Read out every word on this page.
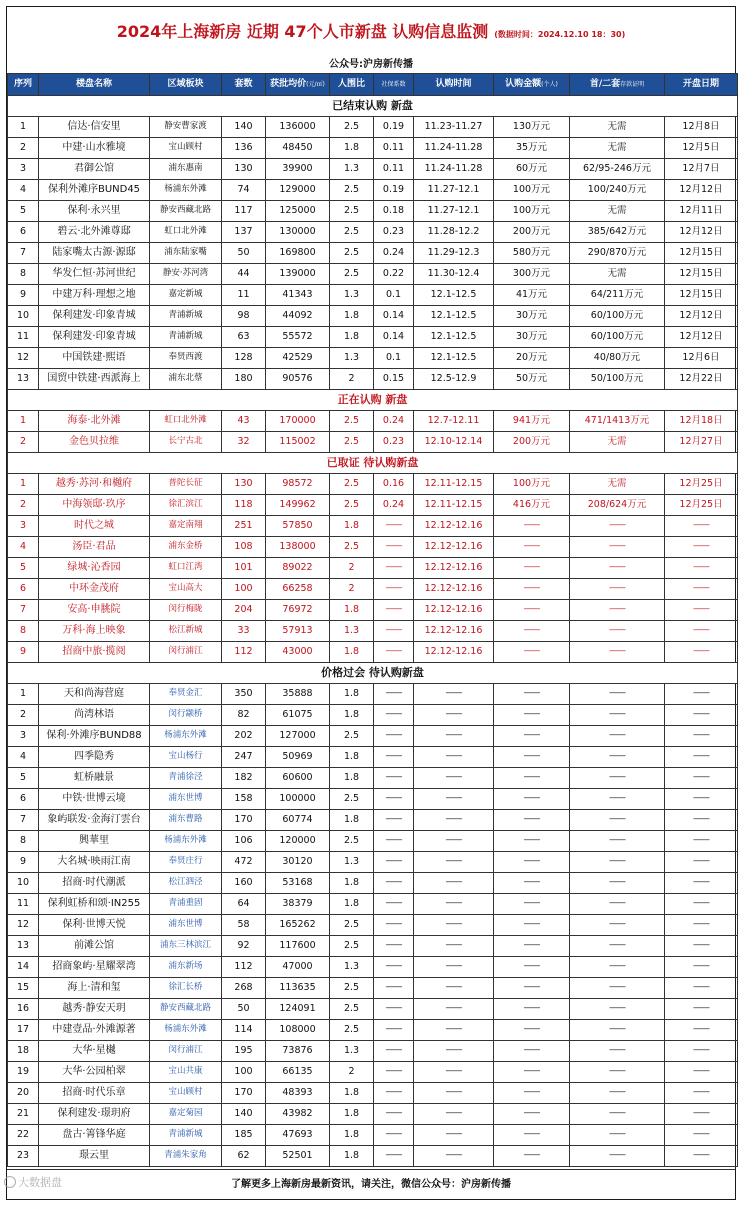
2024年上海新房 近期 47个人市新盘 认购信息监测 (数据时间：2024.12.10 18：30)
公众号:沪房新传播
序列	楼盘名称	区域板块	套数	获批均价(元/㎡)	人围比	社保系数	认购时间	认购金额(个人)	首/二套存款证明	开盘日期
已结束认购 新盘										
1	信达·信安里	静安曹家渡	140	136000	2.5	0.19	11.23-11.27	130万元	无需	12月8日
2	中建·山水雅境	宝山顾村	136	48450	1.8	0.11	11.24-11.28	35万元	无需	12月5日
3	君御公馆	浦东惠南	130	39900	1.3	0.11	11.24-11.28	60万元	62/95-246万元	12月7日
4	保利外滩序BUND45	杨浦东外滩	74	129000	2.5	0.19	11.27-12.1	100万元	100/240万元	12月12日
5	保利·永兴里	静安西藏北路	117	125000	2.5	0.18	11.27-12.1	100万元	无需	12月11日
6	碧云·北外滩尊邸	虹口北外滩	137	130000	2.5	0.23	11.28-12.2	200万元	385/642万元	12月12日
7	陆家嘴太古源·源邸	浦东陆家嘴	50	169800	2.5	0.24	11.29-12.3	580万元	290/870万元	12月15日
8	华发仁恒·苏河世纪	静安·苏河湾	44	139000	2.5	0.22	11.30-12.4	300万元	无需	12月15日
9	中建万科·理想之地	嘉定新城	11	41343	1.3	0.1	12.1-12.5	41万元	64/211万元	12月15日
10	保利建发·印象青城	青浦新城	98	44092	1.8	0.14	12.1-12.5	30万元	60/100万元	12月12日
11	保利建发·印象青城	青浦新城	63	55572	1.8	0.14	12.1-12.5	30万元	60/100万元	12月12日
12	中国铁建·熙语	奉贤西渡	128	42529	1.3	0.1	12.1-12.5	20万元	40/80万元	12月6日
13	国贸中铁建·西派海上	浦东北蔡	180	90576	2	0.15	12.5-12.9	50万元	50/100万元	12月22日
正在认购 新盘										
1	海泰·北外滩	虹口北外滩	43	170000	2.5	0.24	12.7-12.11	941万元	471/1413万元	12月18日
2	金色贝拉维	长宁古北	32	115002	2.5	0.23	12.10-12.14	200万元	无需	12月27日
已取证 待认购新盘										
1	越秀·苏河·和樾府	普陀长征	130	98572	2.5	0.16	12.11-12.15	100万元	无需	12月25日
2	中海领邸·玖序	徐汇滨江	118	149962	2.5	0.24	12.11-12.15	416万元	208/624万元	12月25日
3	时代之城	嘉定南翔	251	57850	1.8	——	12.12-12.16	——	——	——
4	汤臣·君品	浦东金桥	108	138000	2.5	——	12.12-12.16	——	——	——
5	绿城·沁香园	虹口江湾	101	89022	2	——	12.12-12.16	——	——	——
6	中环金茂府	宝山高大	100	66258	2	——	12.12-12.16	——	——	——
7	安高·申脁院	闵行梅陇	204	76972	1.8	——	12.12-12.16	——	——	——
8	万科·海上映象	松江新城	33	57913	1.3	——	12.12-12.16	——	——	——
9	招商中旅·揽阅	闵行浦江	112	43000	1.8	——	12.12-12.16	——	——	——
价格过会 待认购新盘										
1	天和尚海营庭	奉贤金汇	350	35888	1.8	——	——	——	——	——
2	尚湾林语	闵行颛桥	82	61075	1.8	——	——	——	——	——
3	保利·外滩序BUND88	杨浦东外滩	202	127000	2.5	——	——	——	——	——
4	四季隐秀	宝山杨行	247	50969	1.8	——	——	——	——	——
5	虹桥融景	青浦徐泾	182	60600	1.8	——	——	——	——	——
6	中铁·世博云境	浦东世博	158	100000	2.5	——	——	——	——	——
7	象屿联发·金海汀雲台	浦东曹路	170	60774	1.8	——	——	——	——	——
8	興華里	杨浦东外滩	106	120000	2.5	——	——	——	——	——
9	大名城·映雨江南	奉贤庄行	472	30120	1.3	——	——	——	——	——
10	招商·时代潮派	松江泗泾	160	53168	1.8	——	——	——	——	——
11	保利虹桥和颂·IN255	青浦重固	64	38379	1.8	——	——	——	——	——
12	保利·世博天悦	浦东世博	58	165262	2.5	——	——	——	——	——
13	前滩公馆	浦东三林滨江	92	117600	2.5	——	——	——	——	——
14	招商象屿·星耀翠湾	浦东新场	112	47000	1.3	——	——	——	——	——
15	海上·清和玺	徐汇长桥	268	113635	2.5	——	——	——	——	——
16	越秀·静安天玥	静安西藏北路	50	124091	2.5	——	——	——	——	——
17	中建壹品·外滩源著	杨浦东外滩	114	108000	2.5	——	——	——	——	——
18	大华·星樾	闵行浦江	195	73876	1.3	——	——	——	——	——
19	大华·公园柏翠	宝山共康	100	66135	2	——	——	——	——	——
20	招商·时代乐章	宝山顾村	170	48393	1.8	——	——	——	——	——
21	保利建发·璟玥府	嘉定菊园	140	43982	1.8	——	——	——	——	——
22	盘古·箐锋华庭	青浦新城	185	47693	1.8	——	——	——	——	——
23	璟云里	青浦朱家角	62	52501	1.8	——	——	——	——	——
了解更多上海新房最新资讯，请关注，微信公众号：沪房新传播
大数据盘
